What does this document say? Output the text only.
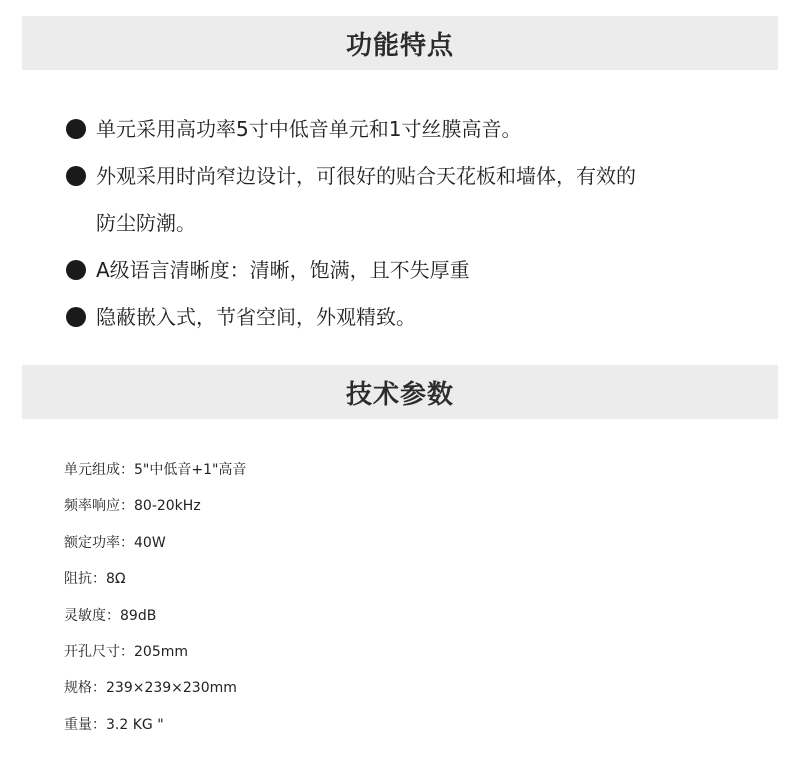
功能特点
单元采用高功率5寸中低音单元和1寸丝膜高音。
外观采用时尚窄边设计，可很好的贴合天花板和墙体，有效的
防尘防潮。
A级语言清晰度：清晰，饱满，且不失厚重
隐蔽嵌入式，节省空间，外观精致。
技术参数
单元组成：5"中低音+1"高音
频率响应：80-20kHz
额定功率：40W
阻抗：8Ω
灵敏度：89dB
开孔尺寸：205mm
规格：239×239×230mm
重量：3.2 KG "
